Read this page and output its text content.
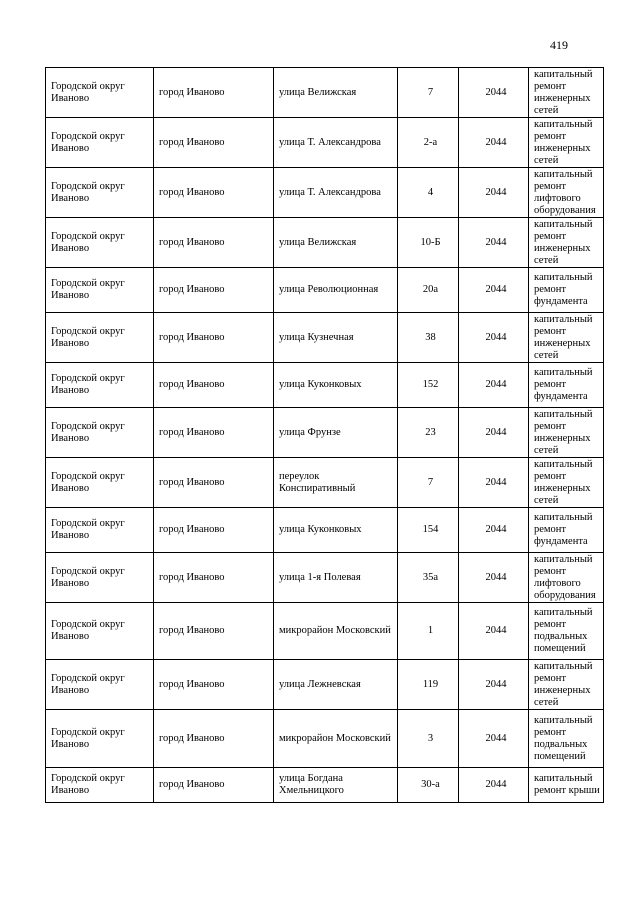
419
Городской округ Иваново	город Иваново	улица Велижская	7	2044	капитальный ремонт инженерных сетей
Городской округ Иваново	город Иваново	улица Т. Александрова	2-а	2044	капитальный ремонт инженерных сетей
Городской округ Иваново	город Иваново	улица Т. Александрова	4	2044	капитальный ремонт лифтового оборудования
Городской округ Иваново	город Иваново	улица Велижская	10-Б	2044	капитальный ремонт инженерных сетей
Городской округ Иваново	город Иваново	улица Революционная	20а	2044	капитальный ремонт фундамента
Городской округ Иваново	город Иваново	улица Кузнечная	38	2044	капитальный ремонт инженерных сетей
Городской округ Иваново	город Иваново	улица Куконковых	152	2044	капитальный ремонт фундамента
Городской округ Иваново	город Иваново	улица Фрунзе	23	2044	капитальный ремонт инженерных сетей
Городской округ Иваново	город Иваново	переулок Конспиративный	7	2044	капитальный ремонт инженерных сетей
Городской округ Иваново	город Иваново	улица Куконковых	154	2044	капитальный ремонт фундамента
Городской округ Иваново	город Иваново	улица 1-я Полевая	35а	2044	капитальный ремонт лифтового оборудования
Городской округ Иваново	город Иваново	микрорайон Московский	1	2044	капитальный ремонт подвальных помещений
Городской округ Иваново	город Иваново	улица Лежневская	119	2044	капитальный ремонт инженерных сетей
Городской округ Иваново	город Иваново	микрорайон Московский	3	2044	капитальный ремонт подвальных помещений
Городской округ Иваново	город Иваново	улица Богдана Хмельницкого	30-а	2044	капитальный ремонт крыши
